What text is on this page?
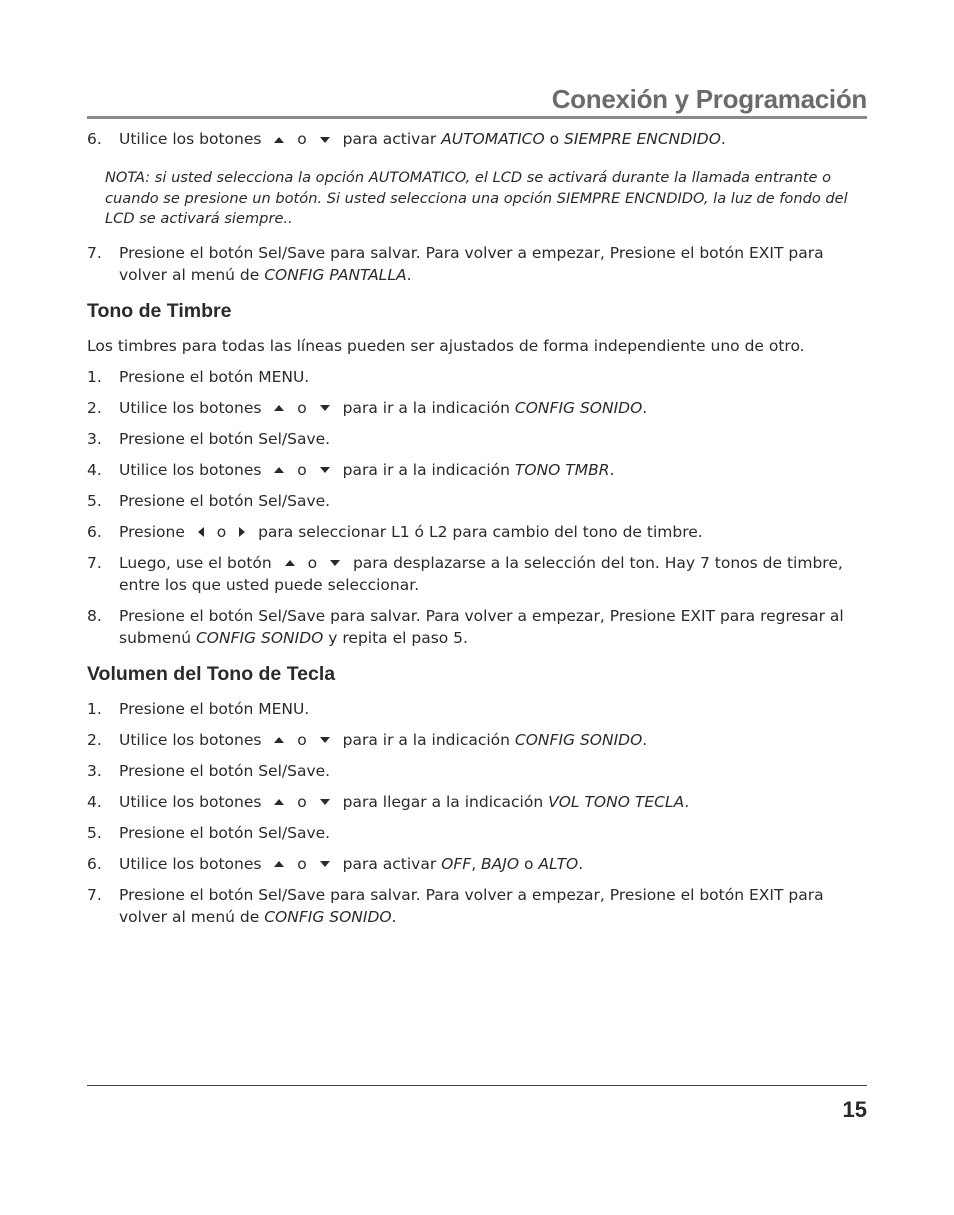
Conexión y Programación
6. Utilice los botones  o  para activar AUTOMATICO o SIEMPRE ENCNDIDO.
NOTA: si usted selecciona la opción AUTOMATICO, el LCD se activará durante la llamada entrante o cuando se presione un botón. Si usted selecciona una opción SIEMPRE ENCNDIDO, la luz de fondo del LCD se activará siempre..
7. Presione el botón Sel/Save para salvar. Para volver a empezar, Presione el botón EXIT para volver al menú de CONFIG PANTALLA.
Tono de Timbre
Los timbres para todas las líneas pueden ser ajustados de forma independiente uno de otro.
1. Presione el botón MENU.
2. Utilice los botones  o  para ir a la indicación CONFIG SONIDO.
3. Presione el botón Sel/Save.
4. Utilice los botones  o  para ir a la indicación TONO TMBR.
5. Presione el botón Sel/Save.
6. Presione  o  para seleccionar L1 ó L2 para cambio del tono de timbre.
7. Luego, use el botón  o  para desplazarse a la selección del ton. Hay 7 tonos de timbre, entre los que usted puede seleccionar.
8. Presione el botón Sel/Save para salvar. Para volver a empezar, Presione EXIT para regresar al submenú CONFIG SONIDO y repita el paso 5.
Volumen del Tono de Tecla
1. Presione el botón MENU.
2. Utilice los botones  o  para ir a la indicación CONFIG SONIDO.
3. Presione el botón Sel/Save.
4. Utilice los botones  o  para llegar a la indicación VOL TONO TECLA.
5. Presione el botón Sel/Save.
6. Utilice los botones  o  para activar OFF, BAJO o ALTO.
7. Presione el botón Sel/Save para salvar. Para volver a empezar, Presione el botón EXIT para volver al menú de CONFIG SONIDO.
15
